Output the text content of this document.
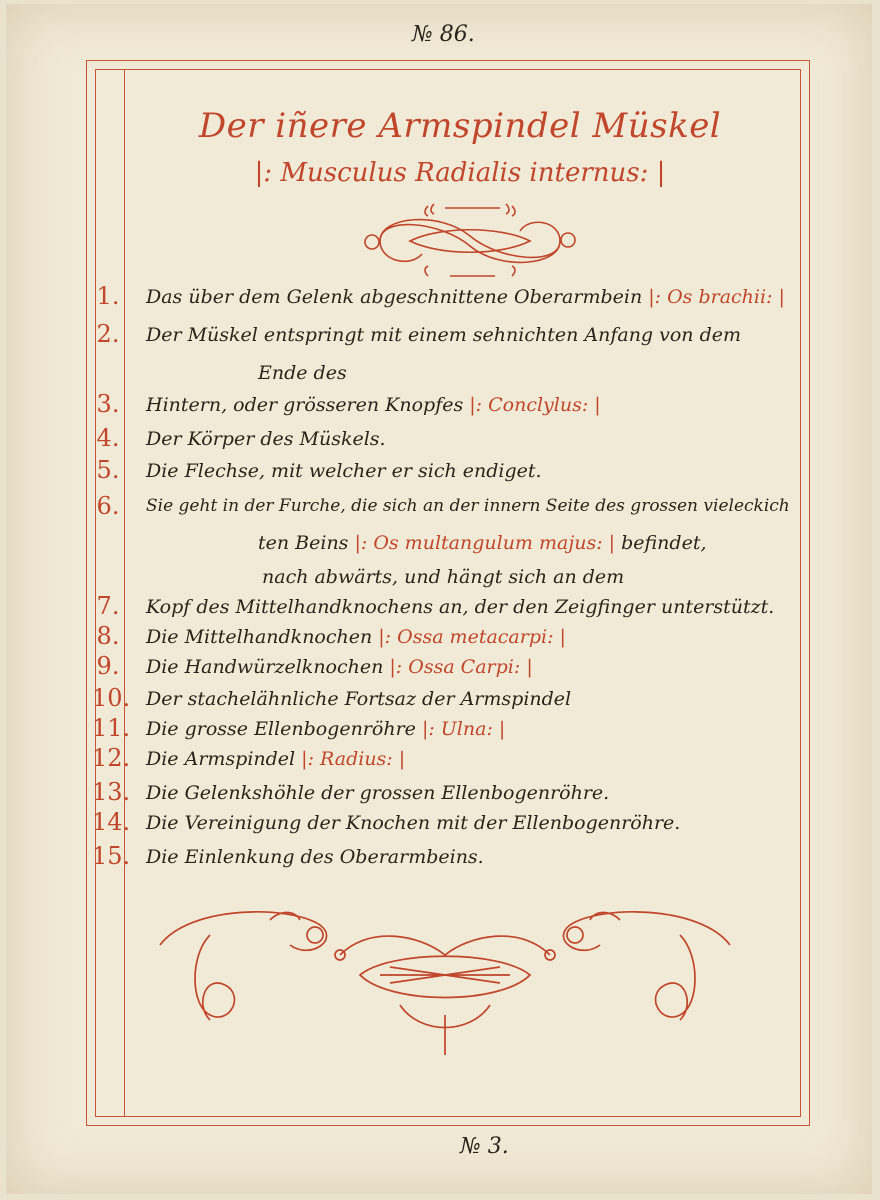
№ 86.
Der iñere Armspindel Müskel
|: Musculus Radialis internus: |
1. Das über dem Gelenk abgeschnittene Oberarmbein |: Os brachii: |
2. Der Müskel entspringt mit einem sehnichten Anfang von dem
Ende des
3. Hintern, oder grösseren Knopfes |: Conclylus: |
4. Der Körper des Müskels.
5. Die Flechse, mit welcher er sich endiget.
6. Sie geht in der Furche, die sich an der innern Seite des grossen vieleckich
ten Beins |: Os multangulum majus: | befindet,
nach abwärts, und hängt sich an dem
7. Kopf des Mittelhandknochens an, der den Zeigfinger unterstützt.
8. Die Mittelhandknochen |: Ossa metacarpi: |
9. Die Handwürzelknochen |: Ossa Carpi: |
10. Der stachelähnliche Fortsaz der Armspindel
11. Die grosse Ellenbogenröhre |: Ulna: |
12. Die Armspindel |: Radius: |
13. Die Gelenkshöhle der grossen Ellenbogenröhre.
14. Die Vereinigung der Knochen mit der Ellenbogenröhre.
15. Die Einlenkung des Oberarmbeins.
№ 3.
